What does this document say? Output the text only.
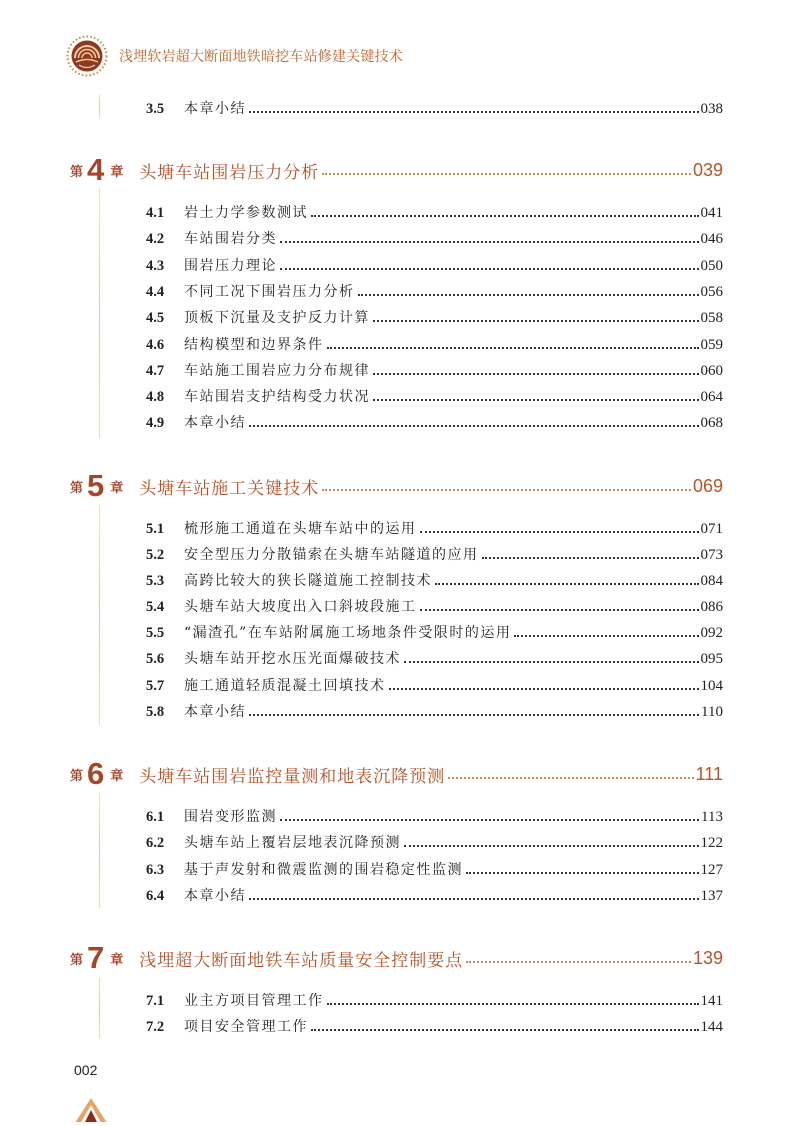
浅埋软岩超大断面地铁暗挖车站修建关键技术
3.5	本章小结	038
第 4 章 头塘车站围岩压力分析	039
4.1	岩土力学参数测试	041
4.2	车站围岩分类	046
4.3	围岩压力理论	050
4.4	不同工况下围岩压力分析	056
4.5	顶板下沉量及支护反力计算	058
4.6	结构模型和边界条件	059
4.7	车站施工围岩应力分布规律	060
4.8	车站围岩支护结构受力状况	064
4.9	本章小结	068
第 5 章 头塘车站施工关键技术	069
5.1	梳形施工通道在头塘车站中的运用	071
5.2	安全型压力分散锚索在头塘车站隧道的应用	073
5.3	高跨比较大的狭长隧道施工控制技术	084
5.4	头塘车站大坡度出入口斜坡段施工	086
5.5	“漏渣孔”在车站附属施工场地条件受限时的运用	092
5.6	头塘车站开挖水压光面爆破技术	095
5.7	施工通道轻质混凝土回填技术	104
5.8	本章小结	110
第 6 章 头塘车站围岩监控量测和地表沉降预测	111
6.1	围岩变形监测	113
6.2	头塘车站上覆岩层地表沉降预测	122
6.3	基于声发射和微震监测的围岩稳定性监测	127
6.4	本章小结	137
第 7 章 浅埋超大断面地铁车站质量安全控制要点	139
7.1	业主方项目管理工作	141
7.2	项目安全管理工作	144
002
